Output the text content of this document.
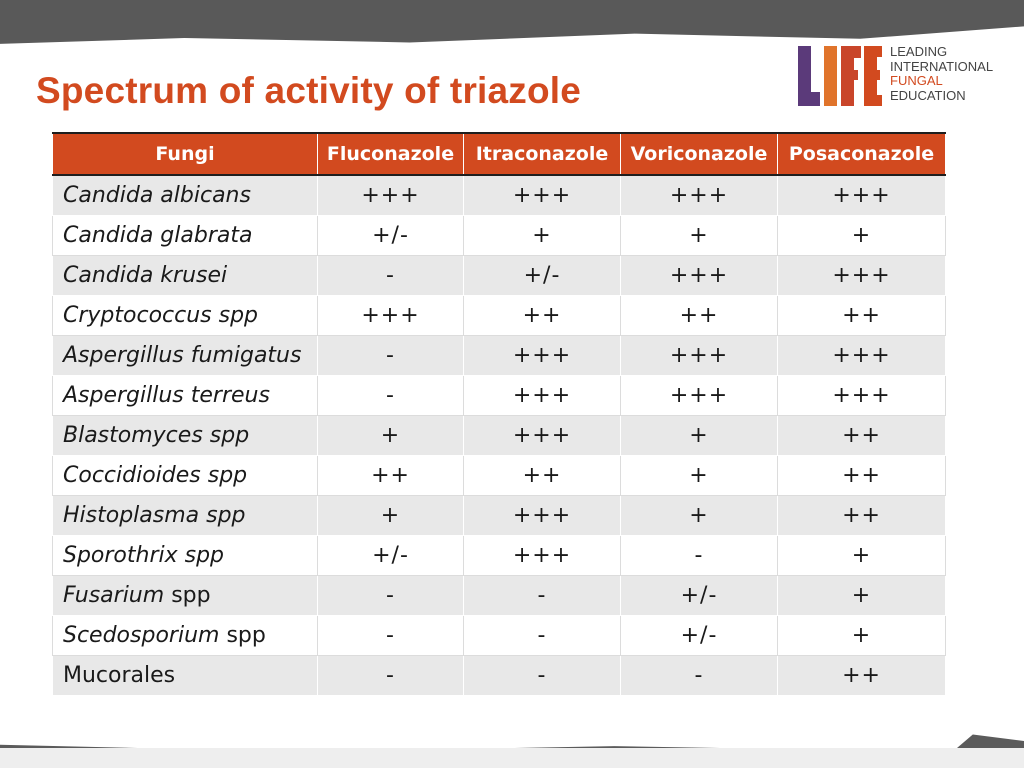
Spectrum of activity of triazole
LEADING
INTERNATIONAL
FUNGAL
EDUCATION
Fungi	Fluconazole	Itraconazole	Voriconazole	Posaconazole
Candida albicans	+++	+++	+++	+++
Candida glabrata	+/-	+	+	+
Candida krusei	-	+/-	+++	+++
Cryptococcus spp	+++	++	++	++
Aspergillus fumigatus	-	+++	+++	+++
Aspergillus terreus	-	+++	+++	+++
Blastomyces spp	+	+++	+	++
Coccidioides spp	++	++	+	++
Histoplasma spp	+	+++	+	++
Sporothrix spp	+/-	+++	-	+
Fusarium spp	-	-	+/-	+
Scedosporium spp	-	-	+/-	+
Mucorales	-	-	-	++
